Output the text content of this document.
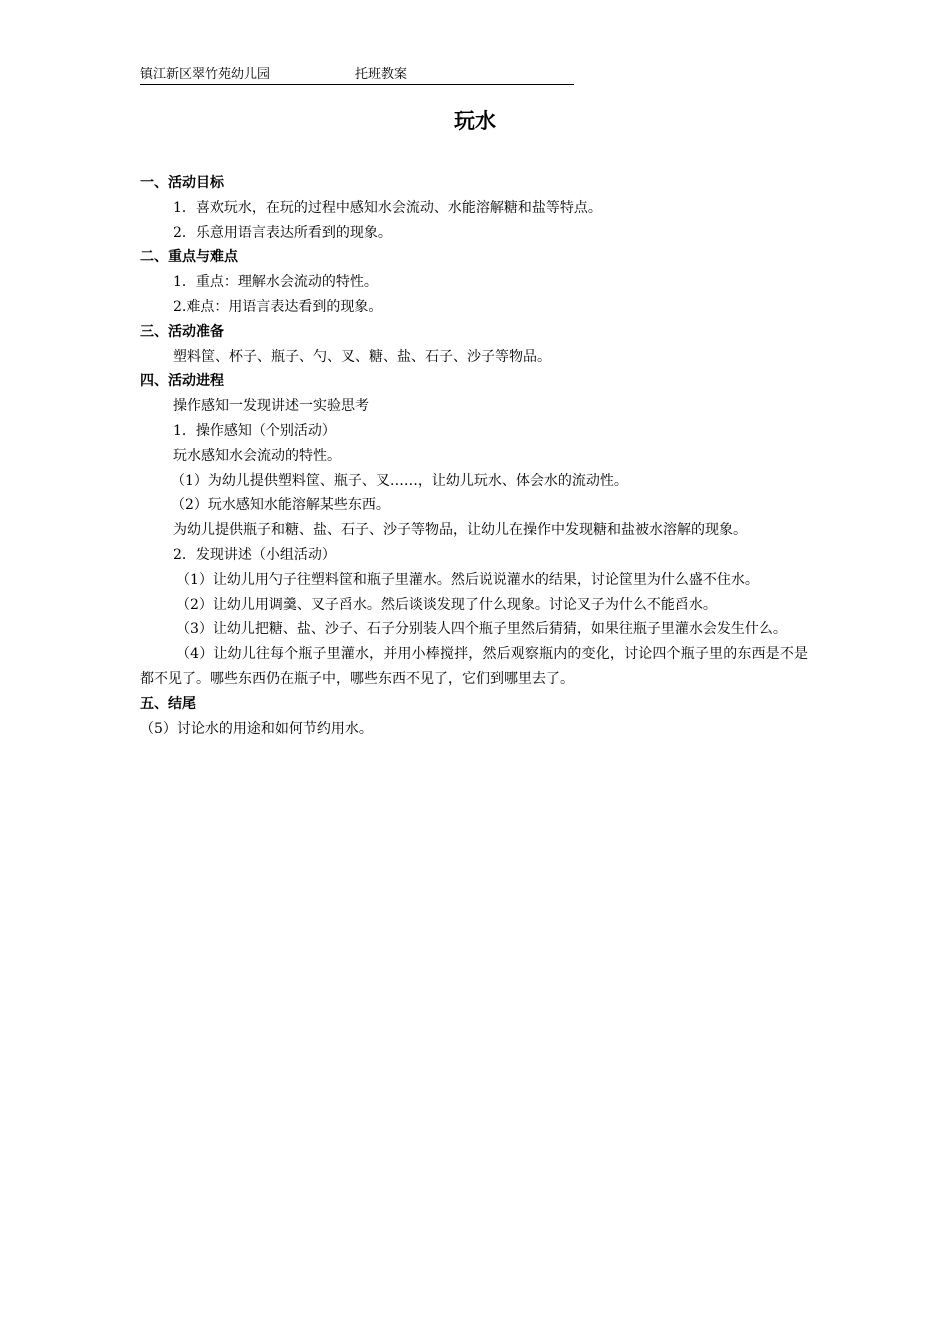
镇江新区翠竹苑幼儿园	托班教案
玩水
一、活动目标
1．喜欢玩水，在玩的过程中感知水会流动、水能溶解糖和盐等特点。
2．乐意用语言表达所看到的现象。
二、重点与难点
1．重点：理解水会流动的特性。
2.难点：用语言表达看到的现象。
三、活动准备
塑料筐、杯子、瓶子、勺、叉、糖、盐、石子、沙子等物品。
四、活动进程
操作感知一发现讲述一实验思考
1．操作感知（个别活动）
玩水感知水会流动的特性。
（1）为幼儿提供塑料筐、瓶子、叉……，让幼儿玩水、体会水的流动性。
（2）玩水感知水能溶解某些东西。
为幼儿提供瓶子和糖、盐、石子、沙子等物品，让幼儿在操作中发现糖和盐被水溶解的现象。
2．发现讲述（小组活动）
（1）让幼儿用勺子往塑料筐和瓶子里灌水。然后说说灌水的结果，讨论筐里为什么盛不住水。
（2）让幼儿用调羹、叉子舀水。然后谈谈发现了什么现象。讨论叉子为什么不能舀水。
（3）让幼儿把糖、盐、沙子、石子分别装人四个瓶子里然后猜猜，如果往瓶子里灌水会发生什么。
（4）让幼儿往每个瓶子里灌水，并用小棒搅拌，然后观察瓶内的变化，讨论四个瓶子里的东西是不是都不见了。哪些东西仍在瓶子中，哪些东西不见了，它们到哪里去了。
五、结尾
（5）讨论水的用途和如何节约用水。
